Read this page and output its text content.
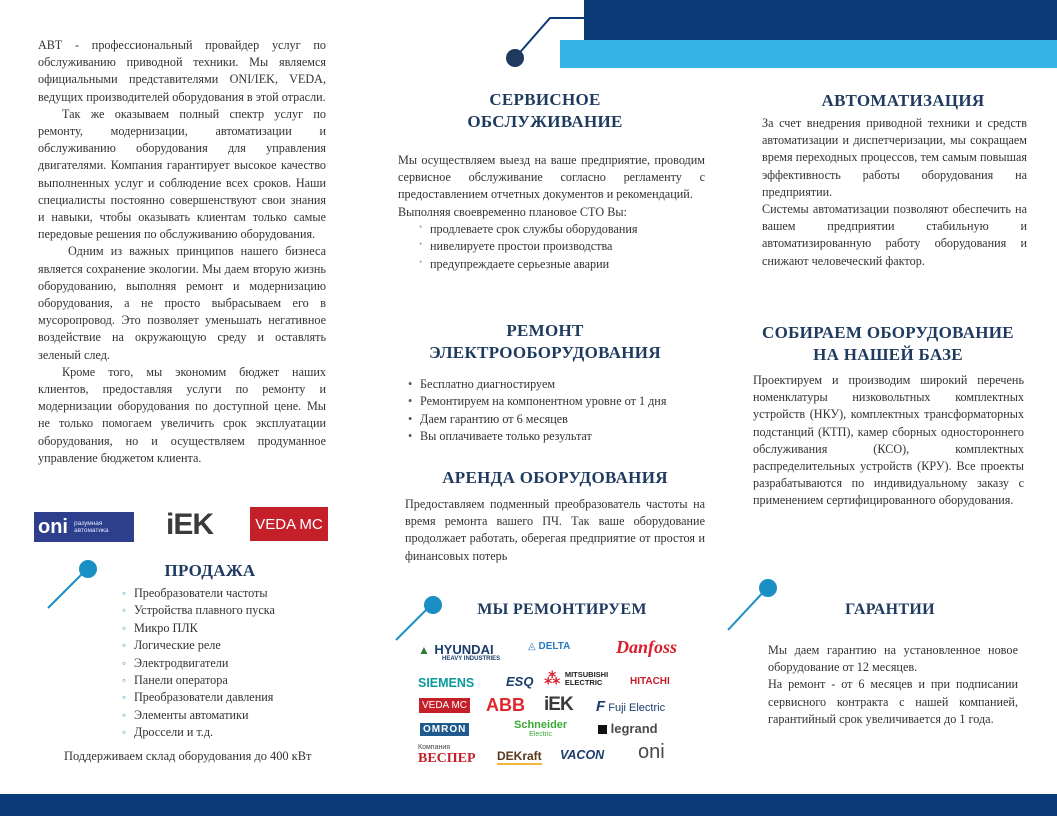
АВТ - профессиональный провайдер услуг по обслуживанию приводной техники. Мы являемся официальными представителями ONI/IEK, VEDA, ведущих производителей оборудования в этой отрасли.

Так же оказываем полный спектр услуг по ремонту, модернизации, автоматизации и обслуживанию оборудования для управления двигателями. Компания гарантирует высокое качество выполненных услуг и соблюдение всех сроков. Наши специалисты постоянно совершенствуют свои знания и навыки, чтобы оказывать клиентам только самые передовые решения по обслуживанию оборудования.

Одним из важных принципов нашего бизнеса является сохранение экологии. Мы даем вторую жизнь оборудованию, выполняя ремонт и модернизацию оборудования, а не просто выбрасываем его в мусоропровод. Это позволяет уменьшать негативное воздействие на окружающую среду и оставлять зеленый след.

Кроме того, мы экономим бюджет наших клиентов, предоставляя услуги по ремонту и модернизации оборудования по доступной цене. Мы не только помогаем увеличить срок эксплуатации оборудования, но и осуществляем продуманное управление бюджетом клиента.

oni разумная
автоматика iEK	VEDA MC
ПРОДАЖА
◦ Преобразователи частоты
◦ Устройства плавного пуска
◦ Микро ПЛК
◦ Логические реле
◦ Электродвигатели
◦ Панели оператора
◦ Преобразователи давления
◦ Элементы автоматики
◦ Дроссели и т.д.
Поддерживаем склад оборудования до 400 кВт
СЕРВИСНОЕ
ОБСЛУЖИВАНИЕ

Мы осуществляем выезд на ваше предприятие, проводим сервисное обслуживание согласно регламенту с предоставлением отчетных документов и рекомендаций.

Выполняя своевременно плановое СТО Вы:

· продлеваете срок службы оборудования
· нивелируете простои производства
· предупреждаете серьезные аварии
РЕМОНТ
ЭЛЕКТРООБОРУДОВАНИЯ
• Бесплатно диагностируем
• Ремонтируем на компонентном уровне от 1 дня
• Даем гарантию от 6 месяцев
• Вы оплачиваете только результат
АРЕНДА ОБОРУДОВАНИЯ

Предоставляем подменный преобразователь частоты на время ремонта вашего ПЧ. Так ваше оборудование продолжает работать, оберегая предприятие от простоя и финансовых потерь

МЫ РЕМОНТИРУЕМ
▲ HYUNDAI
HEAVY INDUSTRIES
◬ DELTA	Danfoss
SIEMENS ESQ ⁂ MITSUBISHI
ELECTRIC	HITACHI
VEDA MC ABB iEK F Fuji Electric
OMRON	Schneider
Electric	legrand
Компания
ВЕСПЕР DEKraft VACON oni
АВТОМАТИЗАЦИЯ

За счет внедрения приводной техники и средств автоматизации и диспетчеризации, мы сокращаем время переходных процессов, тем самым повышая эффективность работы оборудования на предприятии.

Системы автоматизации позволяют обеспечить на вашем предприятии стабильную и автоматизированную работу оборудования и снижают человеческий фактор.

СОБИРАЕМ ОБОРУДОВАНИЕ
НА НАШЕЙ БАЗЕ

Проектируем и производим широкий перечень номенклатуры низковольтных комплектных устройств (НКУ), комплектных трансформаторных подстанций (КТП), камер сборных одностороннего обслуживания (КСО), комплектных распределительных устройств (КРУ). Все проекты разрабатываются по индивидуальному заказу с применением сертифицированного оборудования.

ГАРАНТИИ

Мы даем гарантию на установленное новое оборудование от 12 месяцев.

На ремонт - от 6 месяцев и при подписании сервисного контракта с нашей компанией, гарантийный срок увеличивается до 1 года.
